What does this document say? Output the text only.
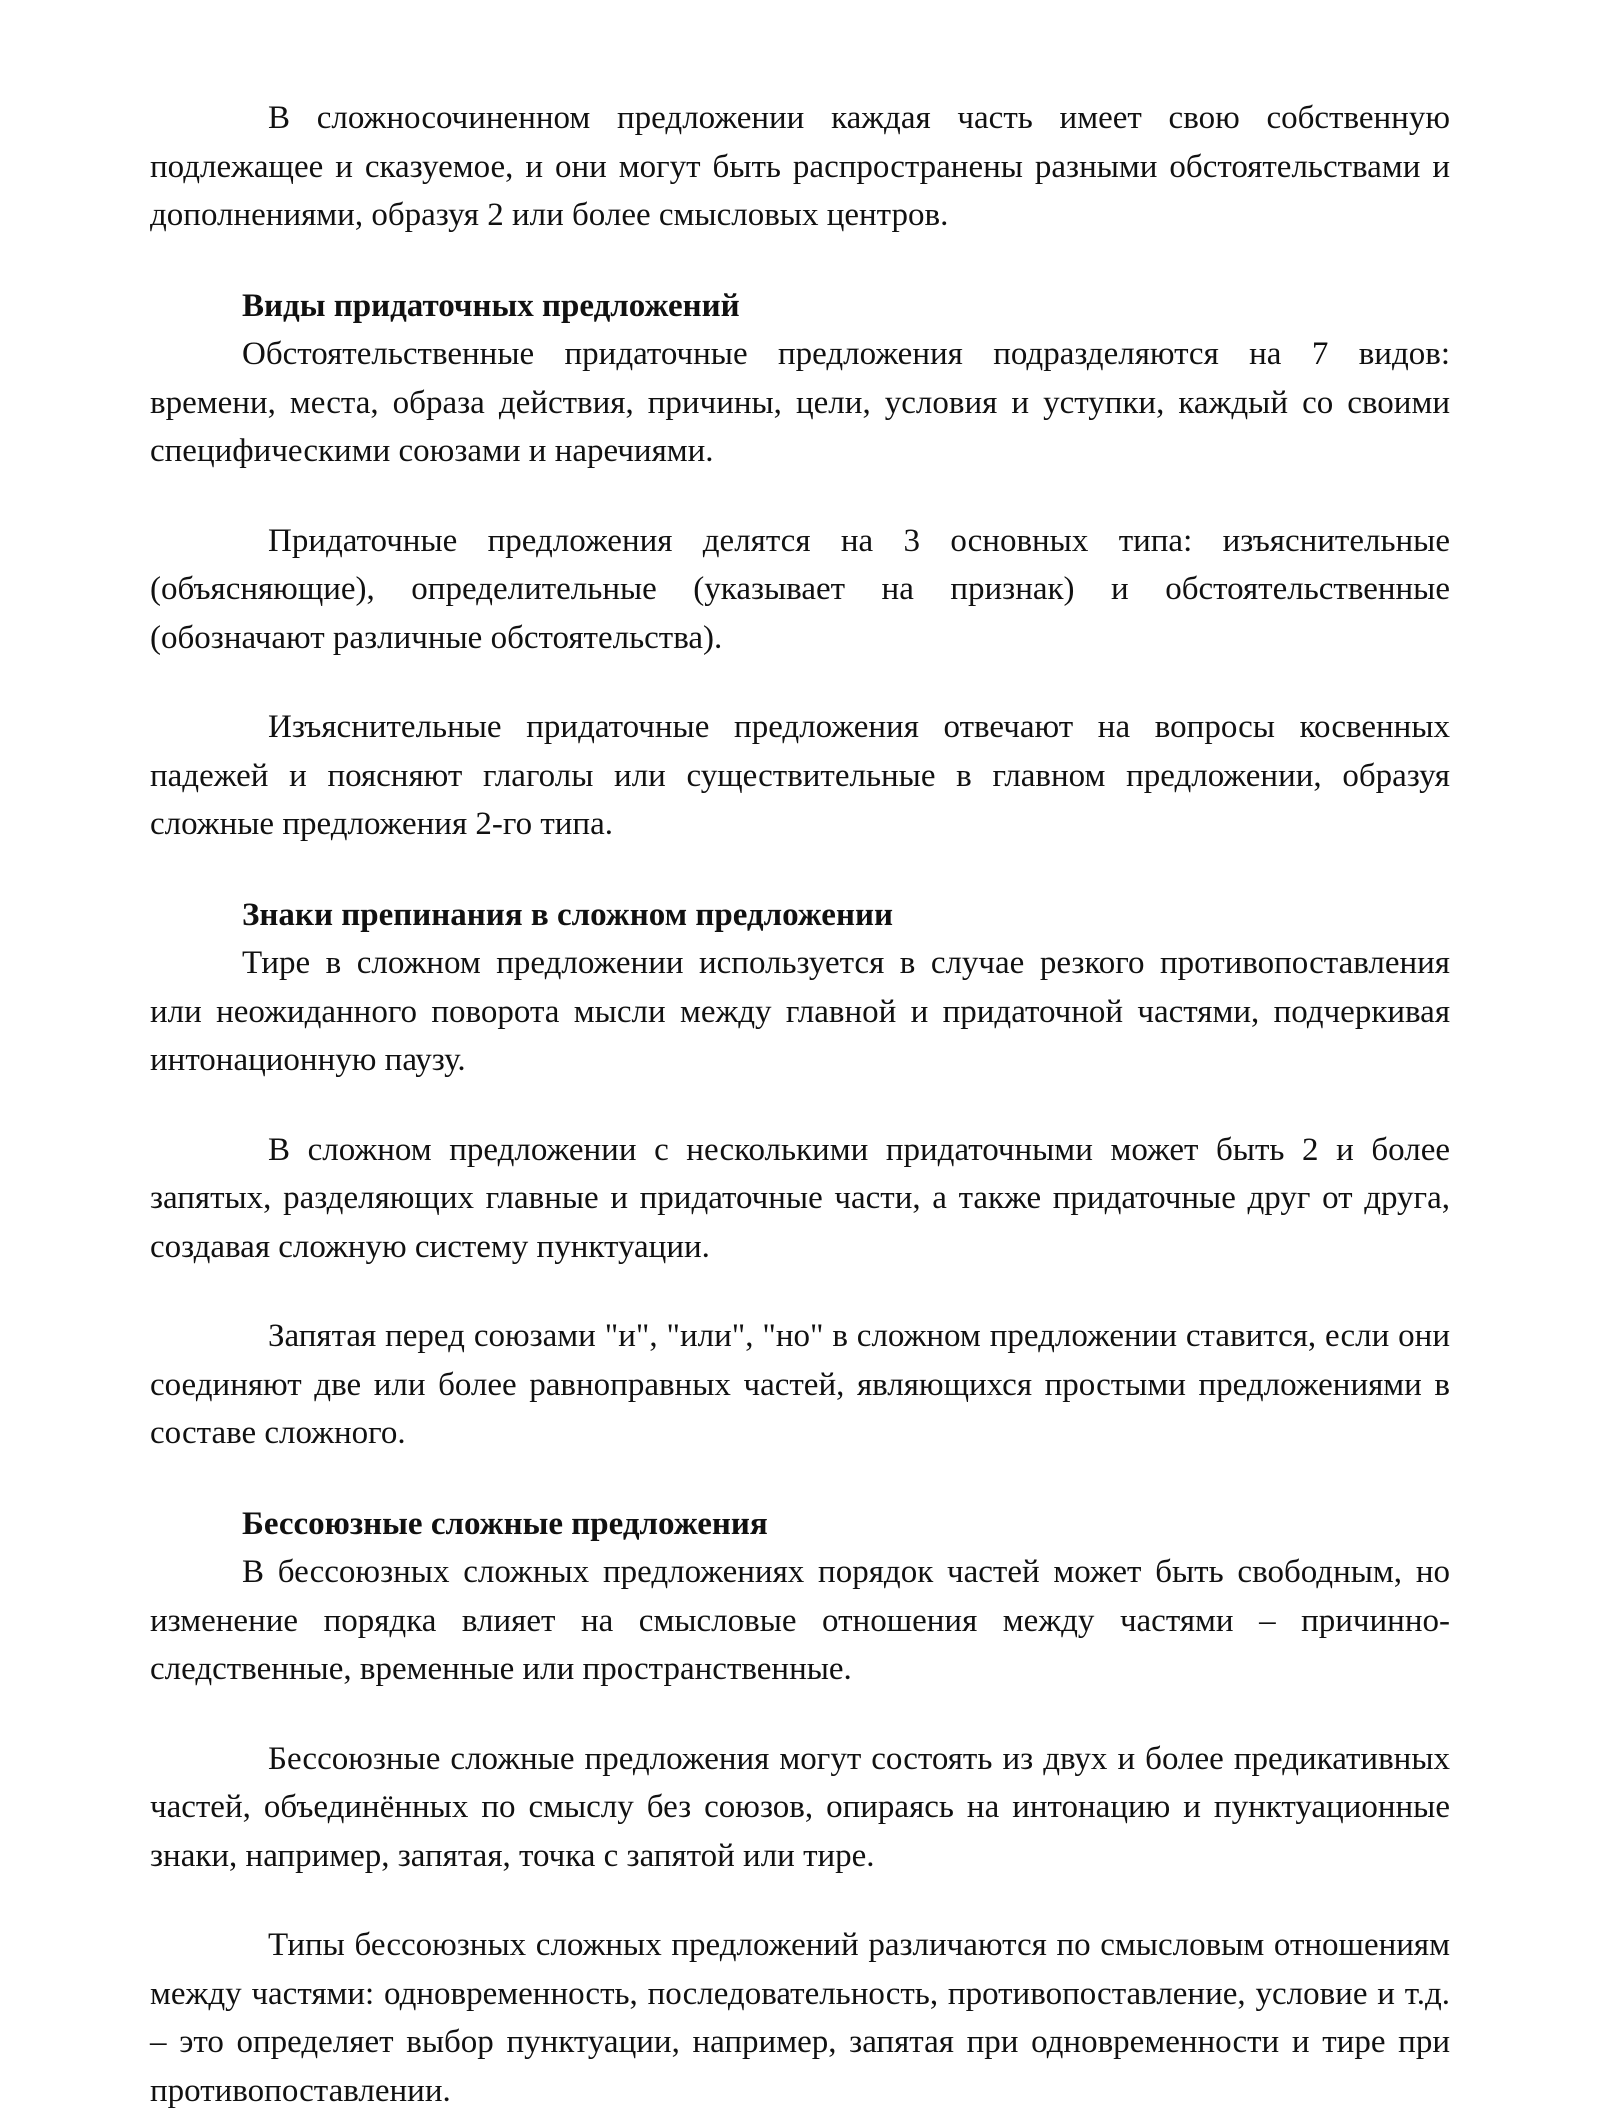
В сложносочиненном предложении каждая часть имеет свою собственную подлежащее и сказуемое, и они могут быть распространены разными обстоятельствами и дополнениями, образуя 2 или более смысловых центров.

Виды придаточных предложений

Обстоятельственные придаточные предложения подразделяются на 7 видов: времени, места, образа действия, причины, цели, условия и уступки, каждый со своими специфическими союзами и наречиями.

Придаточные предложения делятся на 3 основных типа: изъяснительные (объясняющие), определительные (указывает на признак) и обстоятельственные (обозначают различные обстоятельства).

Изъяснительные придаточные предложения отвечают на вопросы косвенных падежей и поясняют глаголы или существительные в главном предложении, образуя сложные предложения 2-го типа.

Знаки препинания в сложном предложении

Тире в сложном предложении используется в случае резкого противопоставления или неожиданного поворота мысли между главной и придаточной частями, подчеркивая интонационную паузу.

В сложном предложении с несколькими придаточными может быть 2 и более запятых, разделяющих главные и придаточные части, а также придаточные друг от друга, создавая сложную систему пунктуации.

Запятая перед союзами "и", "или", "но" в сложном предложении ставится, если они соединяют две или более равноправных частей, являющихся простыми предложениями в составе сложного.

Бессоюзные сложные предложения

В бессоюзных сложных предложениях порядок частей может быть свободным, но изменение порядка влияет на смысловые отношения между частями – причинно-следственные, временные или пространственные.

Бессоюзные сложные предложения могут состоять из двух и более предикативных частей, объединённых по смыслу без союзов, опираясь на интонацию и пунктуационные знаки, например, запятая, точка с запятой или тире.

Типы бессоюзных сложных предложений различаются по смысловым отношениям между частями: одновременность, последовательность, противопоставление, условие и т.д. – это определяет выбор пунктуации, например, запятая при одновременности и тире при противопоставлении.
